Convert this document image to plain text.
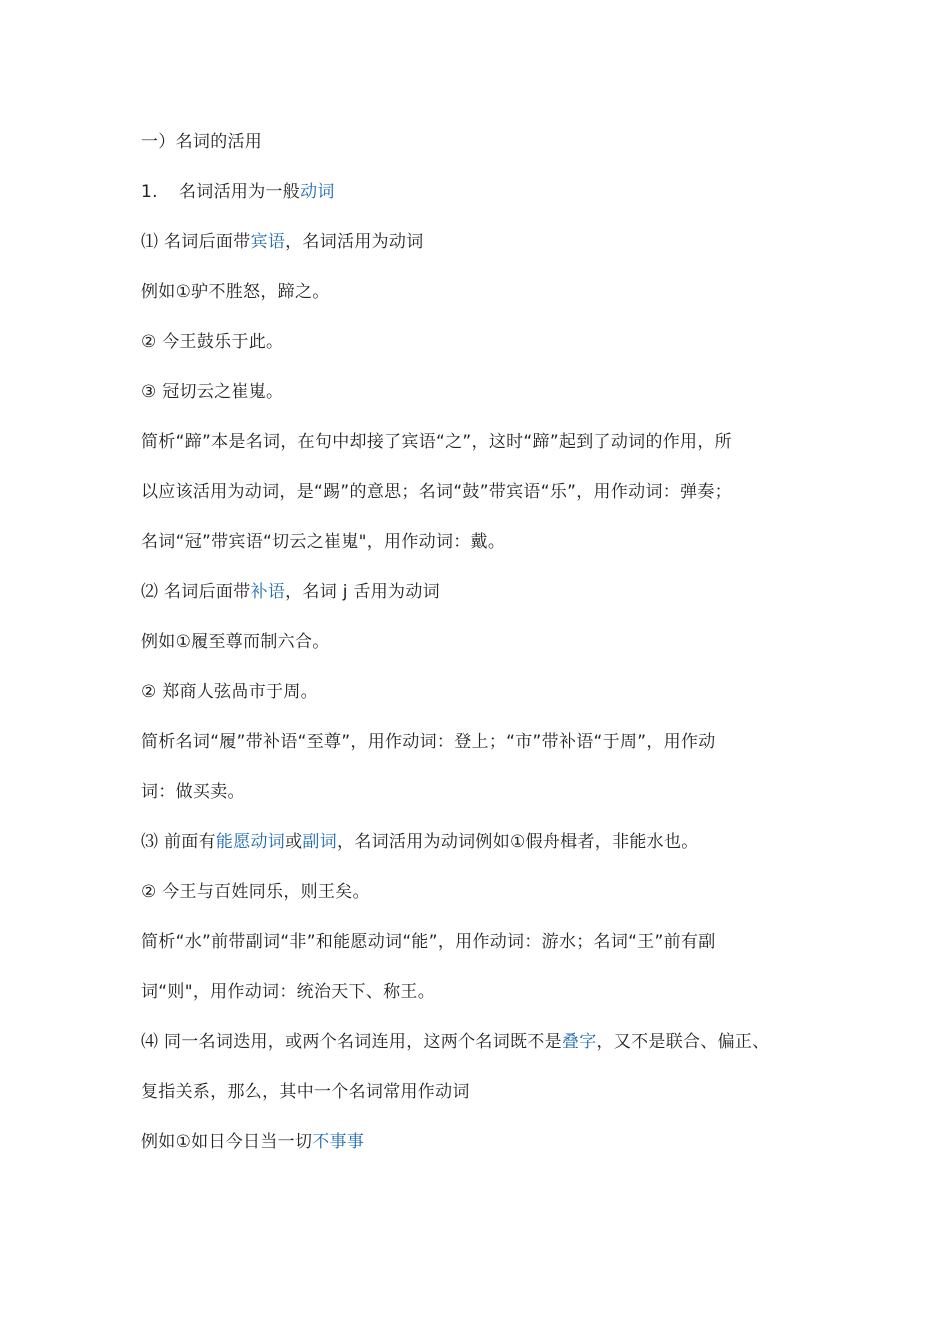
一）名词的活用
1. 名词活用为一般动词
⑴ 名词后面带宾语，名词活用为动词
例如①驴不胜怒，蹄之。
② 今王鼓乐于此。
③ 冠切云之崔嵬。
简析“蹄”本是名词，在句中却接了宾语“之”，这时“蹄”起到了动词的作用，所
以应该活用为动词，是“踢”的意思；名词“鼓”带宾语“乐”，用作动词：弹奏；
名词“冠”带宾语“切云之崔嵬"，用作动词：戴。
⑵ 名词后面带补语，名词 j 舌用为动词
例如①履至尊而制六合。
② 郑商人弦咼市于周。
简析名词“履”带补语“至尊”，用作动词：登上；“市”带补语“于周”，用作动
词：做买卖。
⑶ 前面有能愿动词或副词，名词活用为动词例如①假舟楫者，非能水也。
② 今王与百姓同乐，则王矣。
简析“水”前带副词“非”和能愿动词“能”，用作动词：游水；名词“王”前有副
词“则"，用作动词：统治天下、称王。
⑷ 同一名词迭用，或两个名词连用，这两个名词既不是叠字，又不是联合、偏正、
复指关系，那么，其中一个名词常用作动词
例如①如日今日当一切不事事
